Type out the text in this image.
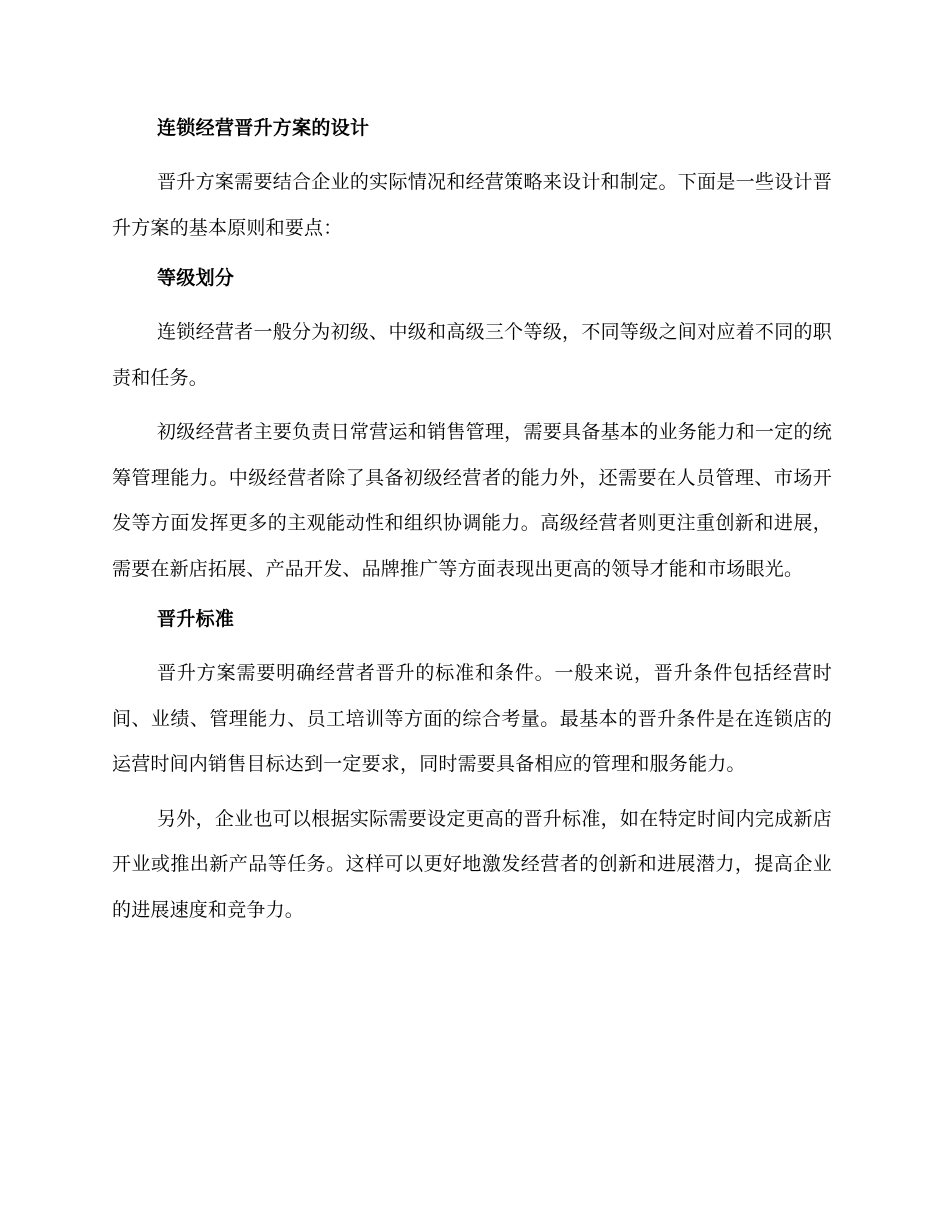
连锁经营晋升方案的设计

晋升方案需要结合企业的实际情况和经营策略来设计和制定。下面是一些设计晋升方案的基本原则和要点：

等级划分

连锁经营者一般分为初级、中级和高级三个等级，不同等级之间对应着不同的职责和任务。

初级经营者主要负责日常营运和销售管理，需要具备基本的业务能力和一定的统筹管理能力。中级经营者除了具备初级经营者的能力外，还需要在人员管理、市场开发等方面发挥更多的主观能动性和组织协调能力。高级经营者则更注重创新和进展，需要在新店拓展、产品开发、品牌推广等方面表现出更高的领导才能和市场眼光。

晋升标准

晋升方案需要明确经营者晋升的标准和条件。一般来说，晋升条件包括经营时间、业绩、管理能力、员工培训等方面的综合考量。最基本的晋升条件是在连锁店的运营时间内销售目标达到一定要求，同时需要具备相应的管理和服务能力。

另外，企业也可以根据实际需要设定更高的晋升标准，如在特定时间内完成新店开业或推出新产品等任务。这样可以更好地激发经营者的创新和进展潜力，提高企业的进展速度和竞争力。
